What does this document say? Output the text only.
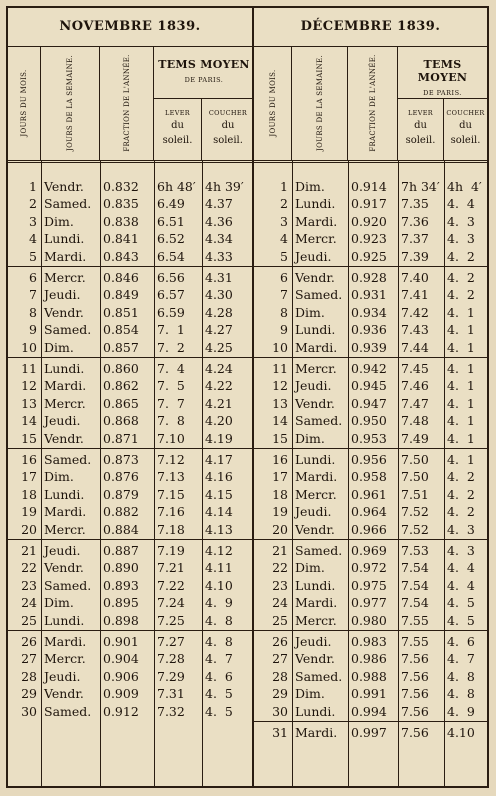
NOVEMBRE 1839.
JOURS DU MOIS.	JOURS DE LA SEMAINE.	FRACTION DE L'ANNÉE.	TEMS MOYEN
DE PARIS.
LEVER
du
soleil.
COUCHER
du
soleil.
1 Vendr.	0.832	6h 48′ 4h 39′
2 Samed. 0.835	6.49	4.37
3 Dim.	0.838	6.51	4.36
4 Lundi.	0.841	6.52	4.34
5 Mardi.	0.843	6.54	4.33
6 Mercr.	0.846	6.56	4.31
7 Jeudi.	0.849	6.57	4.30
8 Vendr.	0.851	6.59	4.28
9 Samed. 0.854	7.  1	4.27
10 Dim.	0.857	7.  2	4.25
11 Lundi.	0.860	7.  4	4.24
12 Mardi.	0.862	7.  5	4.22
13 Mercr.	0.865	7.  7	4.21
14 Jeudi.	0.868	7.  8	4.20
15 Vendr.	0.871	7.10	4.19
16 Samed. 0.873	7.12	4.17
17 Dim.	0.876	7.13	4.16
18 Lundi.	0.879	7.15	4.15
19 Mardi.	0.882	7.16	4.14
20 Mercr.	0.884	7.18	4.13
21 Jeudi.	0.887	7.19	4.12
22 Vendr.	0.890	7.21	4.11
23 Samed. 0.893	7.22	4.10
24 Dim.	0.895	7.24	4.  9
25 Lundi.	0.898	7.25	4.  8
26 Mardi.	0.901	7.27	4.  8
27 Mercr.	0.904	7.28	4.  7
28 Jeudi.	0.906	7.29	4.  6
29 Vendr.	0.909	7.31	4.  5
30 Samed. 0.912	7.32	4.  5
DÉCEMBRE 1839.
JOURS DU MOIS.	JOURS DE LA SEMAINE.	FRACTION DE L'ANNÉE.	TEMS MOYEN
DE PARIS.
LEVER
du
soleil.
COUCHER
du
soleil.
1 Dim.	0.914	7h 34′ 4h  4′
2 Lundi.	0.917	7.35	4.  4
3 Mardi.	0.920	7.36	4.  3
4 Mercr.	0.923	7.37	4.  3
5 Jeudi.	0.925	7.39	4.  2
6 Vendr.	0.928	7.40	4.  2
7 Samed. 0.931	7.41	4.  2
8 Dim.	0.934	7.42	4.  1
9 Lundi.	0.936	7.43	4.  1
10 Mardi.	0.939	7.44	4.  1
11 Mercr.	0.942	7.45	4.  1
12 Jeudi.	0.945	7.46	4.  1
13 Vendr.	0.947	7.47	4.  1
14 Samed. 0.950	7.48	4.  1
15 Dim.	0.953	7.49	4.  1
16 Lundi.	0.956	7.50	4.  1
17 Mardi.	0.958	7.50	4.  2
18 Mercr.	0.961	7.51	4.  2
19 Jeudi.	0.964	7.52	4.  2
20 Vendr.	0.966	7.52	4.  3
21 Samed. 0.969	7.53	4.  3
22 Dim.	0.972	7.54	4.  4
23 Lundi.	0.975	7.54	4.  4
24 Mardi.	0.977	7.54	4.  5
25 Mercr.	0.980	7.55	4.  5
26 Jeudi.	0.983	7.55	4.  6
27 Vendr.	0.986	7.56	4.  7
28 Samed. 0.988	7.56	4.  8
29 Dim.	0.991	7.56	4.  8
30 Lundi.	0.994	7.56	4.  9
31 Mardi.	0.997	7.56	4.10
